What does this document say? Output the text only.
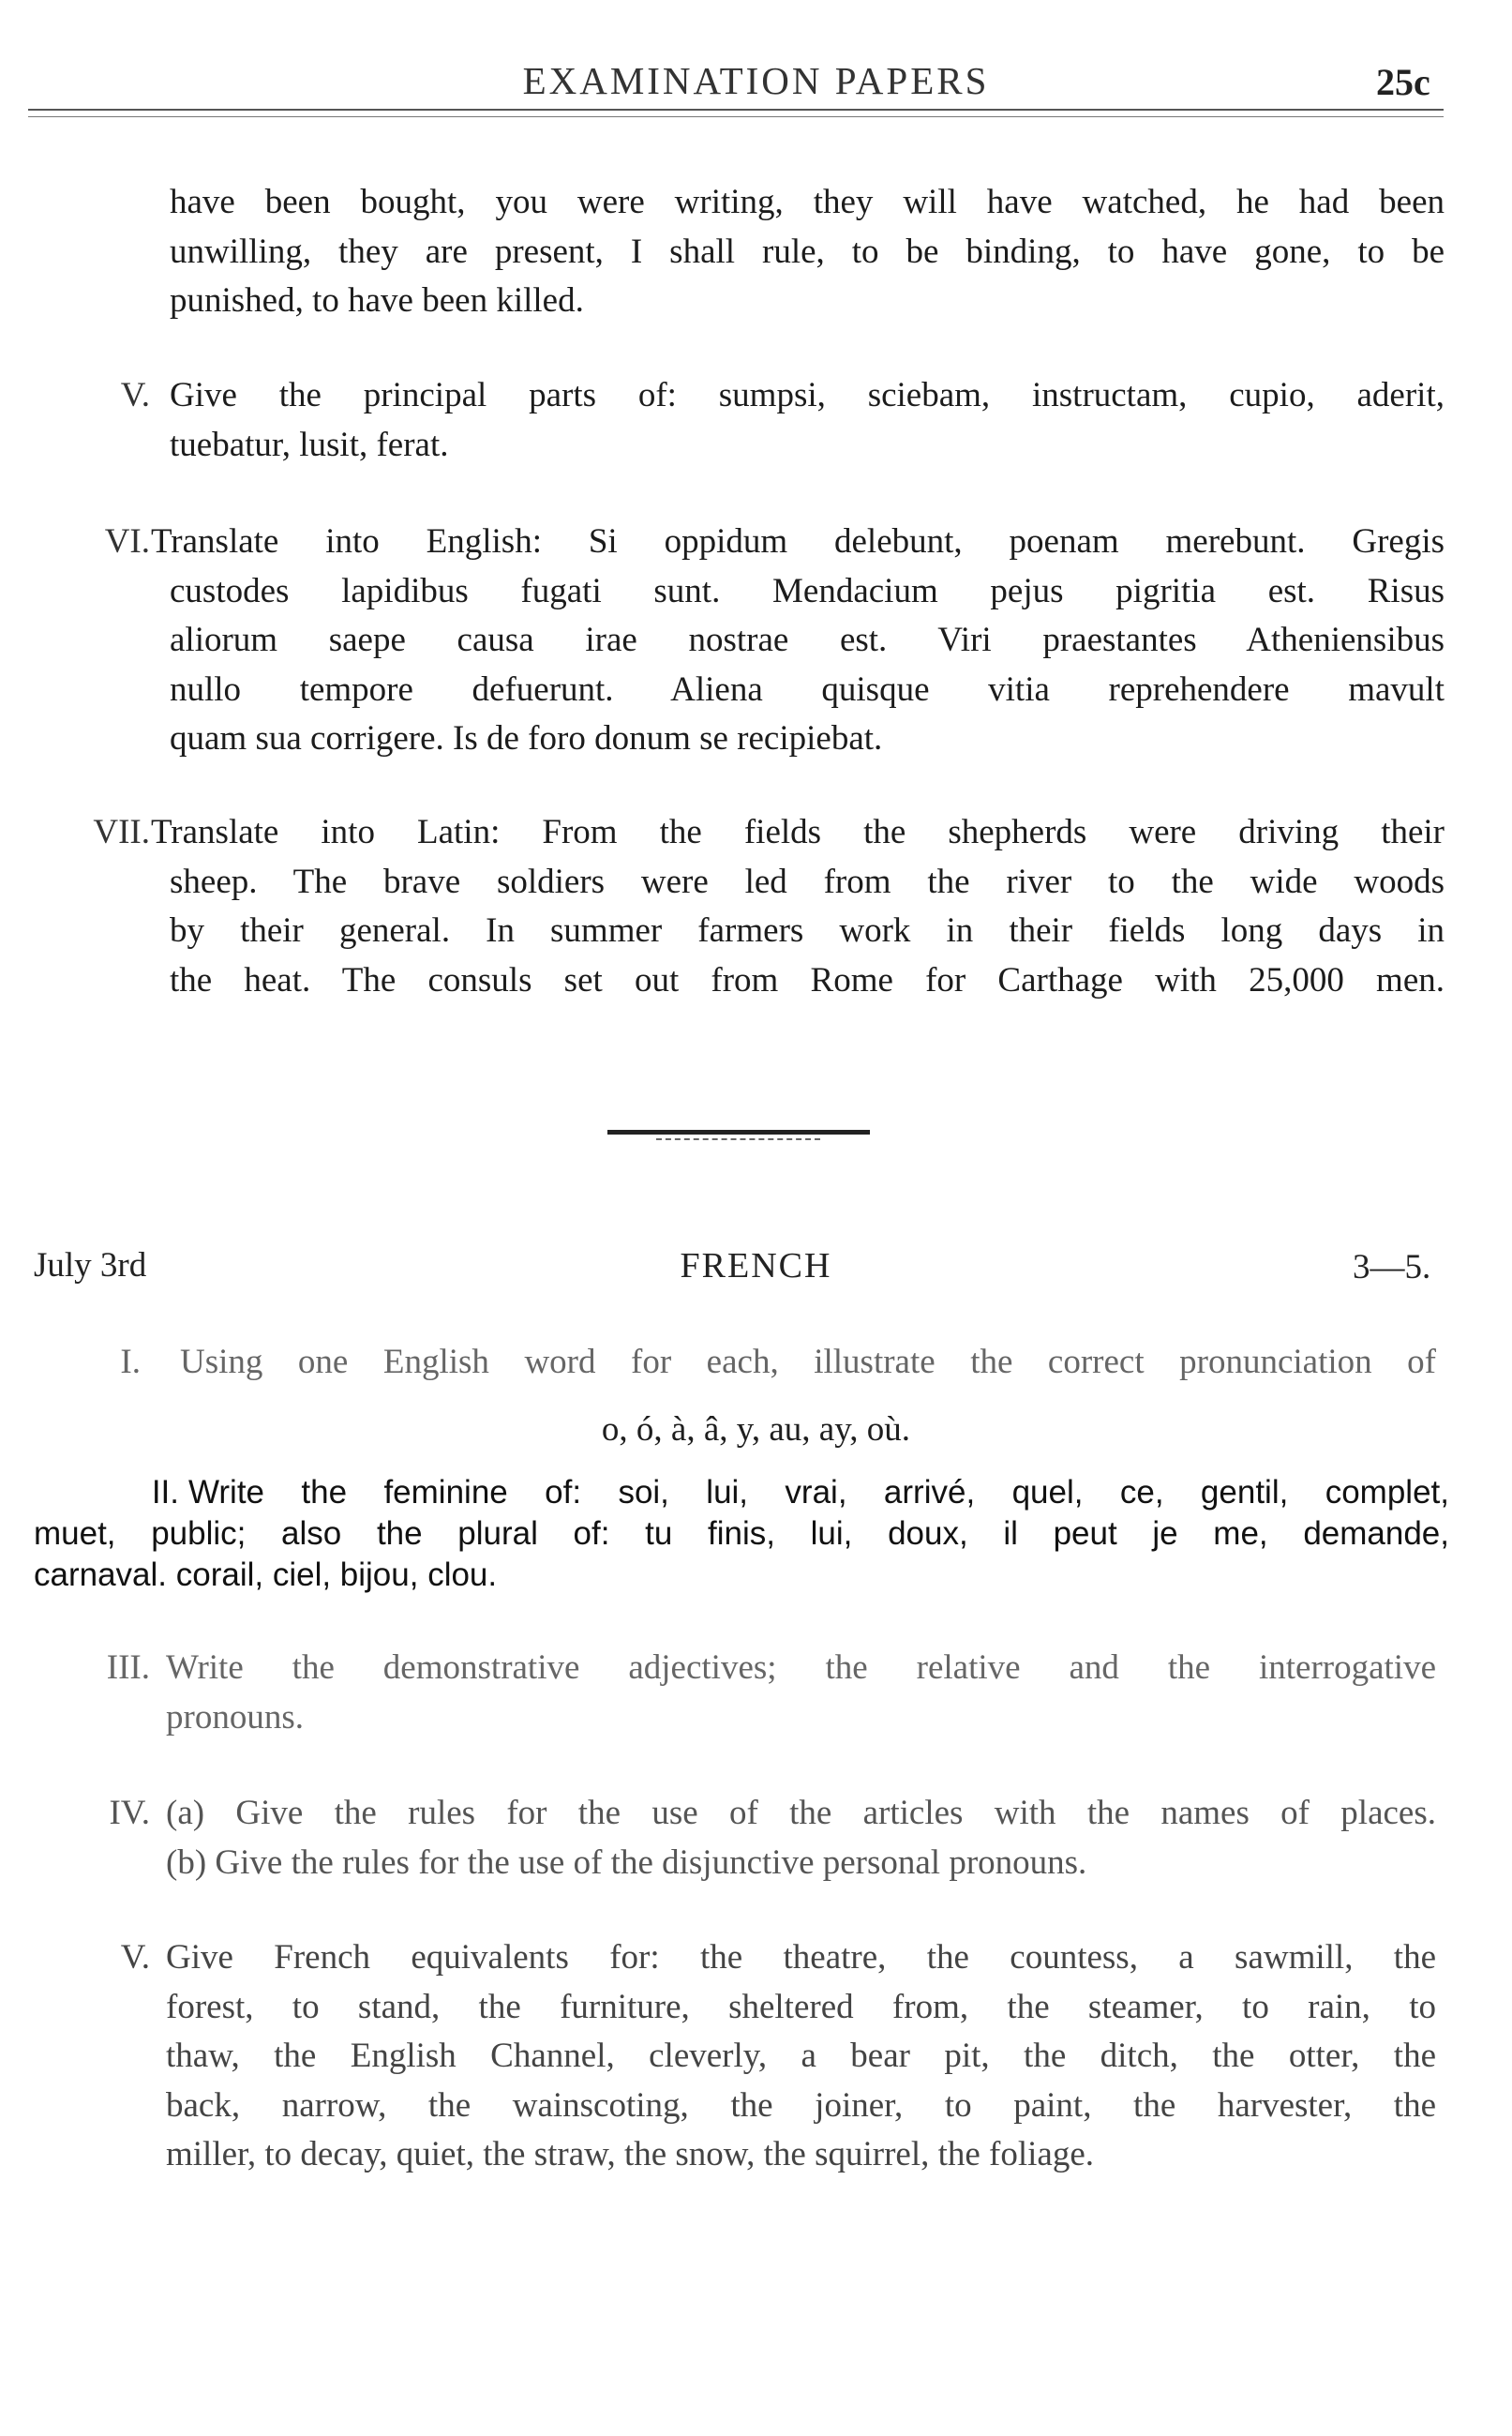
EXAMINATION PAPERS	25c
have been bought, you were writing, they will have watched, he had been
unwilling, they are present, I shall rule, to be binding, to have gone, to be
punished, to have been killed.
V. Give the principal parts of: sumpsi, sciebam, instructam, cupio, aderit,
tuebatur, lusit, ferat.
VI. Translate into English: Si oppidum delebunt, poenam merebunt. Gregis
custodes lapidibus fugati sunt. Mendacium pejus pigritia est. Risus
aliorum saepe causa irae nostrae est. Viri praestantes Atheniensibus
nullo tempore defuerunt. Aliena quisque vitia reprehendere mavult
quam sua corrigere. Is de foro donum se recipiebat.
VII. Translate into Latin: From the fields the shepherds were driving their
sheep. The brave soldiers were led from the river to the wide woods
by their general. In summer farmers work in their fields long days in
the heat. The consuls set out from Rome for Carthage with 25,000 men.
July 3rd	FRENCH	3—5.
I. Using one English word for each, illustrate the correct pronunciation of
o, ó, à, â, y, au, ay, où.
II. Write the feminine of: soi, lui, vrai, arrivé, quel, ce, gentil, complet,
muet, public; also the plural of: tu finis, lui, doux, il peut je me, demande,
carnaval. corail, ciel, bijou, clou.
III. Write the demonstrative adjectives; the relative and the interrogative
pronouns.
IV. (a) Give the rules for the use of the articles with the names of places.
(b) Give the rules for the use of the disjunctive personal pronouns.
V. Give French equivalents for: the theatre, the countess, a sawmill, the
forest, to stand, the furniture, sheltered from, the steamer, to rain, to
thaw, the English Channel, cleverly, a bear pit, the ditch, the otter, the
back, narrow, the wainscoting, the joiner, to paint, the harvester, the
miller, to decay, quiet, the straw, the snow, the squirrel, the foliage.
